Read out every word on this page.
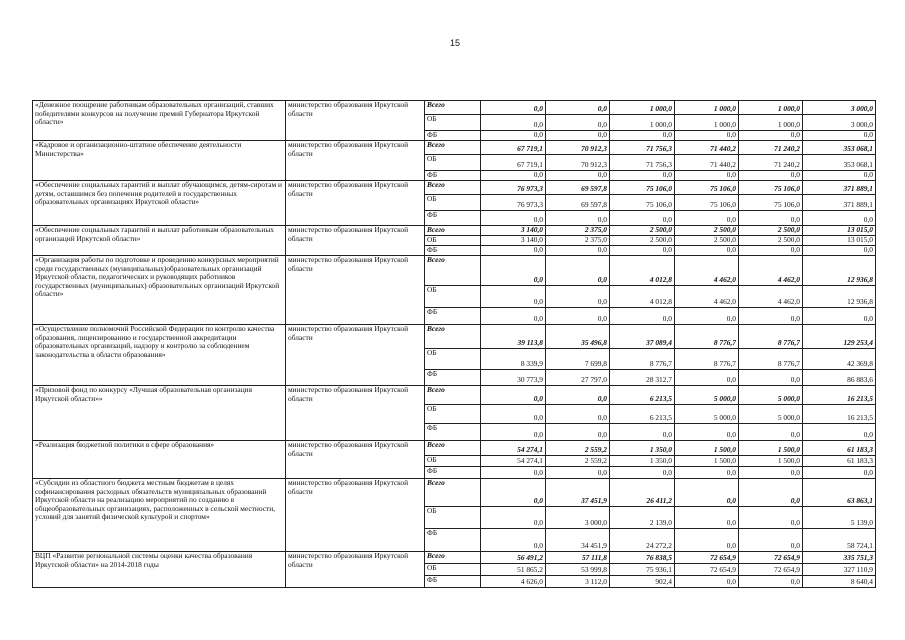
15
«Денежное поощрение работникам образовательных организаций, ставших победителями конкурсов на получение премий Губернатора Иркутской области»	министерство образования Иркутской области	Всего	0,0	0,0	1 000,0	1 000,0	1 000,0	3 000,0
		ОБ	0,0	0,0	1 000,0	1 000,0	1 000,0	3 000,0
		ФБ	0,0	0,0	0,0	0,0	0,0	0,0
«Кадровое и организационно-штатное обеспечение деятельности Министерства»	министерство образования Иркутской области	Всего	67 719,1	70 912,3	71 756,3	71 440,2	71 240,2	353 068,1
		ОБ	67 719,1	70 912,3	71 756,3	71 440,2	71 240,2	353 068,1
		ФБ	0,0	0,0	0,0	0,0	0,0	0,0
«Обеспечение социальных гарантий и выплат обучающимся, детям-сиротам и детям, оставшимся без попечения родителей в государственных образовательных организациях Иркутской области»	министерство образования Иркутской области	Всего	76 973,3	69 597,8	75 106,0	75 106,0	75 106,0	371 889,1
		ОБ	76 973,3	69 597,8	75 106,0	75 106,0	75 106,0	371 889,1
		ФБ	0,0	0,0	0,0	0,0	0,0	0,0
«Обеспечение социальных гарантий и выплат работникам образовательных организаций Иркутской области»	министерство образования Иркутской области	Всего	3 140,0	2 375,0	2 500,0	2 500,0	2 500,0	13 015,0
		ОБ	3 140,0	2 375,0	2 500,0	2 500,0	2 500,0	13 015,0
		ФБ	0,0	0,0	0,0	0,0	0,0	0,0
«Организация работы по подготовке и проведению конкурсных мероприятий среди государственных (муниципальных)образовательных организаций Иркутской области, педагогических и руководящих работников государственных (муниципальных) образовательных организаций Иркутской области»	министерство образования Иркутской области	Всего	0,0	0,0	4 012,8	4 462,0	4 462,0	12 936,8
		ОБ	0,0	0,0	4 012,8	4 462,0	4 462,0	12 936,8
		ФБ	0,0	0,0	0,0	0,0	0,0	0,0
«Осуществление полномочий Российской Федерации по контролю качества образования, лицензированию и государственной аккредитации образовательных организаций, надзору и контролю за соблюдением законодательства в области образования»	министерство образования Иркутской области	Всего	39 113,8	35 496,8	37 089,4	8 776,7	8 776,7	129 253,4
		ОБ	8 339,9	7 699,8	8 776,7	8 776,7	8 776,7	42 369,8
		ФБ	30 773,9	27 797,0	28 312,7	0,0	0,0	86 883,6
«Призовой фонд по конкурсу «Лучшая образовательная организация Иркутской области»»	министерство образования Иркутской области	Всего	0,0	0,0	6 213,5	5 000,0	5 000,0	16 213,5
		ОБ	0,0	0,0	6 213,5	5 000,0	5 000,0	16 213,5
		ФБ	0,0	0,0	0,0	0,0	0,0	0,0
«Реализация бюджетной политики в сфере образования»	министерство образования Иркутской области	Всего	54 274,1	2 559,2	1 350,0	1 500,0	1 500,0	61 183,3
		ОБ	54 274,1	2 559,2	1 350,0	1 500,0	1 500,0	61 183,3
		ФБ	0,0	0,0	0,0	0,0	0,0	0,0
«Субсидии из областного бюджета местным бюджетам в целях софинансирования расходных обязательств муниципальных образований Иркутской области на реализацию мероприятий по созданию в общеобразовательных организациях, расположенных в сельской местности, условий для занятий физической культурой и спортом»	министерство образования Иркутской области	Всего	0,0	37 451,9	26 411,2	0,0	0,0	63 863,1
		ОБ	0,0	3 000,0	2 139,0	0,0	0,0	5 139,0
		ФБ	0,0	34 451,9	24 272,2	0,0	0,0	58 724,1
ВЦП «Развитие региональной системы оценки качества образования Иркутской области» на 2014-2018 годы	министерство образования Иркутской области	Всего	56 491,2	57 111,8	76 838,5	72 654,9	72 654,9	335 751,3
		ОБ	51 865,2	53 999,8	75 936,1	72 654,9	72 654,9	327 110,9
		ФБ	4 626,0	3 112,0	902,4	0,0	0,0	8 640,4
